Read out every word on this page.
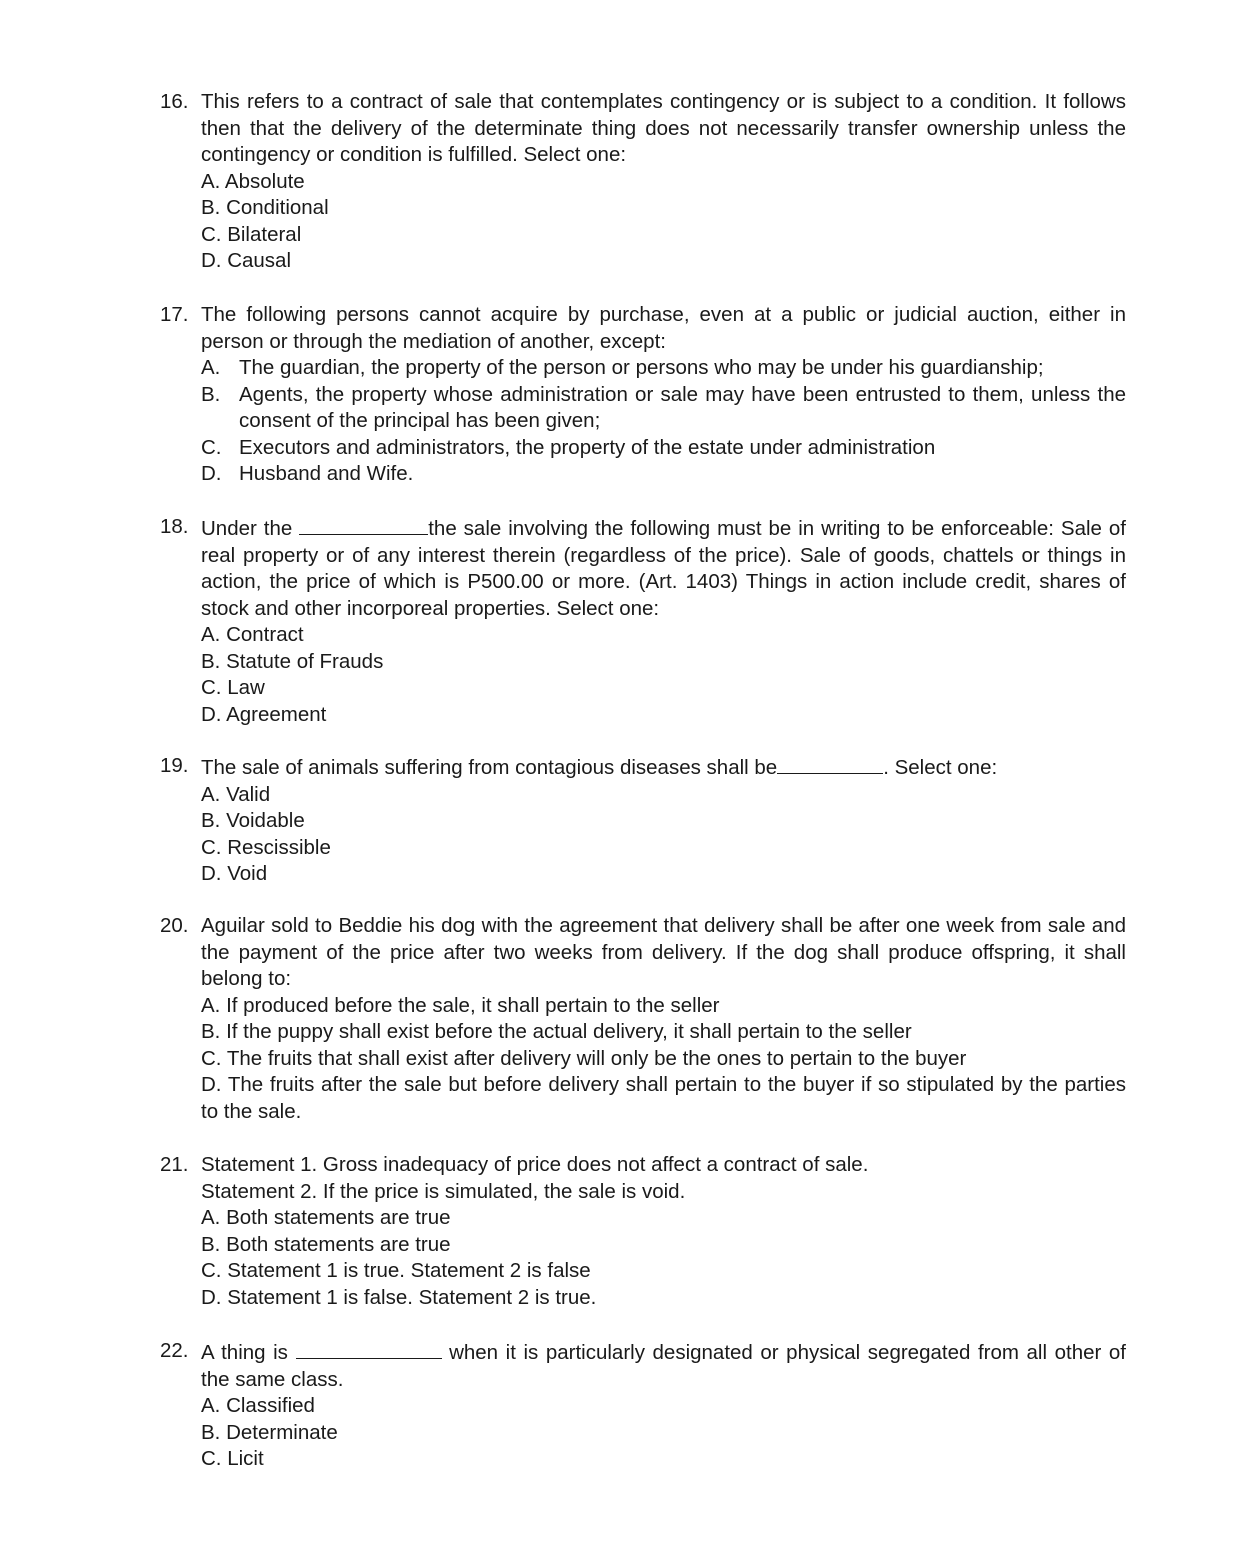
16. This refers to a contract of sale that contemplates contingency or is subject to a condition. It follows then that the delivery of the determinate thing does not necessarily transfer ownership unless the contingency or condition is fulfilled. Select one:
A. Absolute
B. Conditional
C. Bilateral
D. Causal
17. The following persons cannot acquire by purchase, even at a public or judicial auction, either in person or through the mediation of another, except:
A. The guardian, the property of the person or persons who may be under his guardianship;
B. Agents, the property whose administration or sale may have been entrusted to them, unless the consent of the principal has been given;
C. Executors and administrators, the property of the estate under administration
D. Husband and Wife.
18. Under the	the sale involving the following must be in writing to be enforceable: Sale of real property or of any interest therein (regardless of the price). Sale of goods, chattels or things in action, the price of which is P500.00 or more. (Art. 1403) Things in action include credit, shares of stock and other incorporeal properties. Select one:
A. Contract
B. Statute of Frauds
C. Law
D. Agreement
19. The sale of animals suffering from contagious diseases shall be	. Select one:
A. Valid
B. Voidable
C. Rescissible
D. Void
20. Aguilar sold to Beddie his dog with the agreement that delivery shall be after one week from sale and the payment of the price after two weeks from delivery. If the dog shall produce offspring, it shall belong to:
A. If produced before the sale, it shall pertain to the seller
B. If the puppy shall exist before the actual delivery, it shall pertain to the seller
C. The fruits that shall exist after delivery will only be the ones to pertain to the buyer
D. The fruits after the sale but before delivery shall pertain to the buyer if so stipulated by the parties to the sale.
21. Statement 1. Gross inadequacy of price does not affect a contract of sale.
Statement 2. If the price is simulated, the sale is void.
A. Both statements are true
B. Both statements are true
C. Statement 1 is true. Statement 2 is false
D. Statement 1 is false. Statement 2 is true.
22. A thing is	when it is particularly designated or physical segregated from all other of the same class.
A. Classified
B. Determinate
C. Licit
